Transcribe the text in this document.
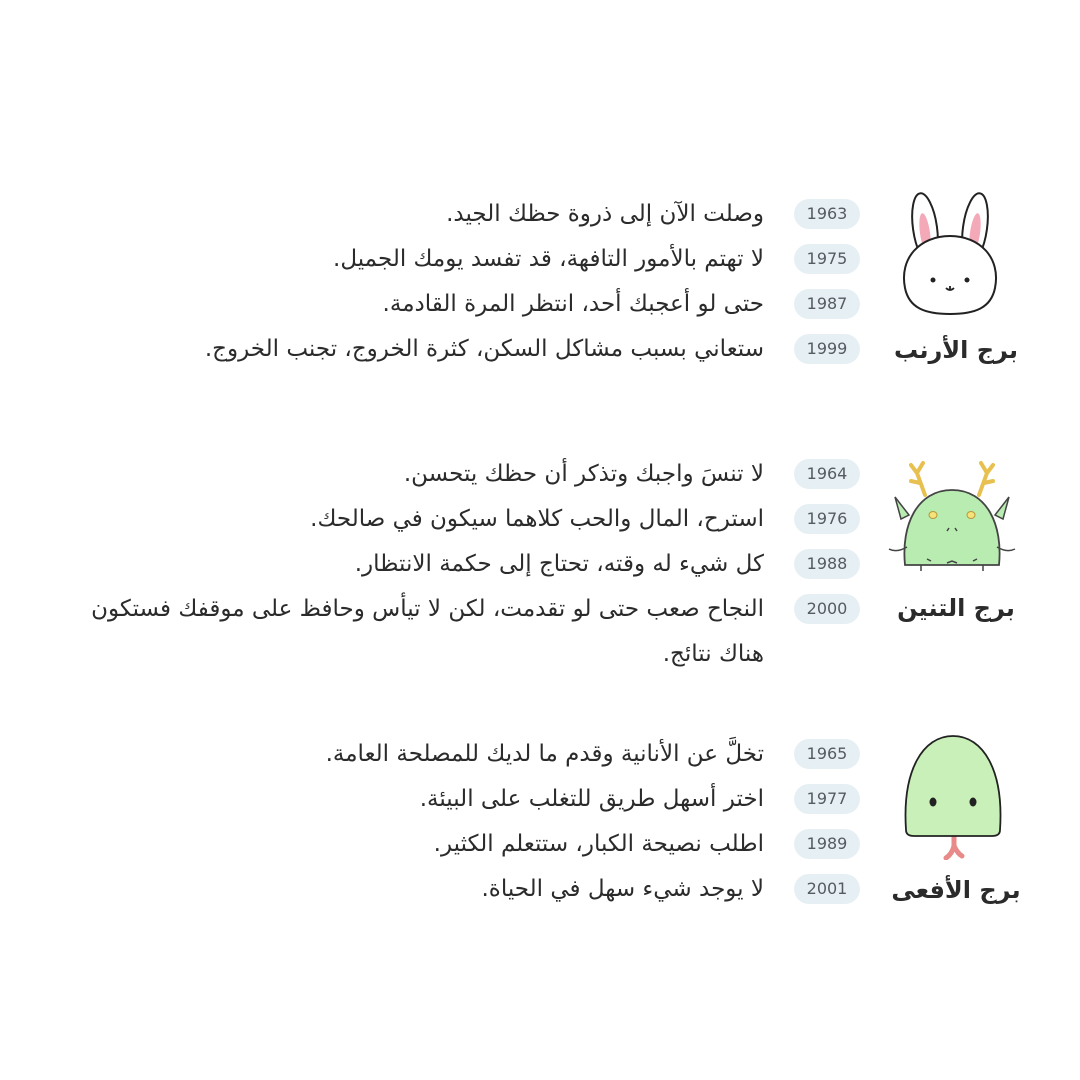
برج الأرنب
1963
وصلت الآن إلى ذروة حظك الجيد.
1975
لا تهتم بالأمور التافهة، قد تفسد يومك الجميل.
1987
حتى لو أعجبك أحد، انتظر المرة القادمة.
1999
ستعاني بسبب مشاكل السكن، كثرة الخروج، تجنب الخروج.
برج التنين
1964
لا تنسَ واجبك وتذكر أن حظك يتحسن.
1976
استرح، المال والحب كلاهما سيكون في صالحك.
1988
كل شيء له وقته، تحتاج إلى حكمة الانتظار.
2000
النجاح صعب حتى لو تقدمت، لكن لا تيأس وحافظ على موقفك فستكون هناك نتائج.
برج الأفعى
1965
تخلَّ عن الأنانية وقدم ما لديك للمصلحة العامة.
1977
اختر أسهل طريق للتغلب على البيئة.
1989
اطلب نصيحة الكبار، ستتعلم الكثير.
2001
لا يوجد شيء سهل في الحياة.
